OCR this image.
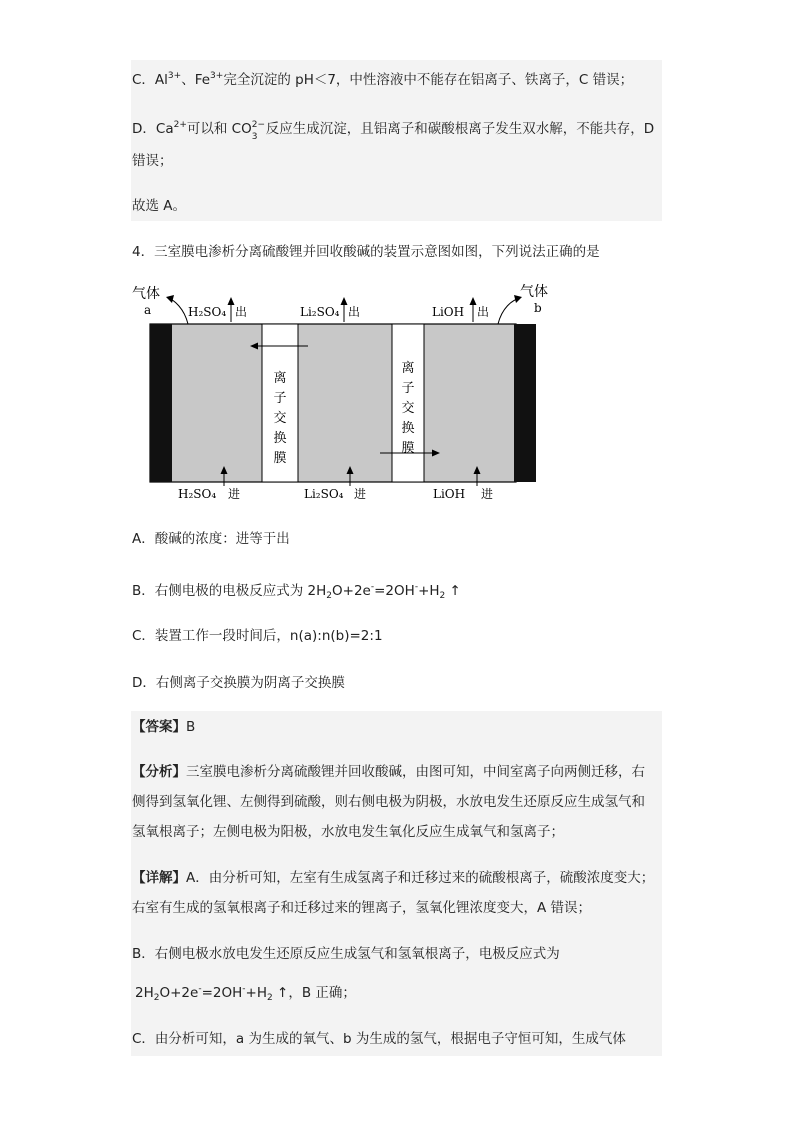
C．$Al^{3+}$、$Fe^{3+}$完全沉淀的 pH＜7，中性溶液中不能存在铝离子、铁离子，C 错误；
D．$Ca^{2+}$可以和 CO 2−
3 反应生成沉淀，且铝离子和碳酸根离子发生双水解，不能共存，D
错误；
故选 A。
4．三室膜电渗析分离硫酸锂并回收酸碱的装置示意图如图，下列说法正确的是
离
子
交
换
膜
离
子
交
换
膜
气体
a
气体
b
H₂SO₄ 出	Li₂SO₄ 出	LiOH 出
H₂SO₄ 进	Li₂SO₄ 进	LiOH 进
A．酸碱的浓度：进等于出
B．右侧电极的电极反应式为 $2H_2O+2e^-=2OH^-+H_2$ ↑
C．装置工作一段时间后，n(a):n(b)=2:1
D．右侧离子交换膜为阴离子交换膜
【答案】B
【分析】三室膜电渗析分离硫酸锂并回收酸碱，由图可知，中间室离子向两侧迁移，右
侧得到氢氧化锂、左侧得到硫酸，则右侧电极为阴极，水放电发生还原反应生成氢气和
氢氧根离子；左侧电极为阳极，水放电发生氧化反应生成氧气和氢离子；
【详解】A．由分析可知，左室有生成氢离子和迁移过来的硫酸根离子，硫酸浓度变大；
右室有生成的氢氧根离子和迁移过来的锂离子，氢氧化锂浓度变大，A 错误；
B．右侧电极水放电发生还原反应生成氢气和氢氧根离子，电极反应式为
$2H_2O+2e^-=2OH^-+H_2$ ↑，B 正确；
C．由分析可知，a 为生成的氧气、b 为生成的氢气，根据电子守恒可知，生成气体
